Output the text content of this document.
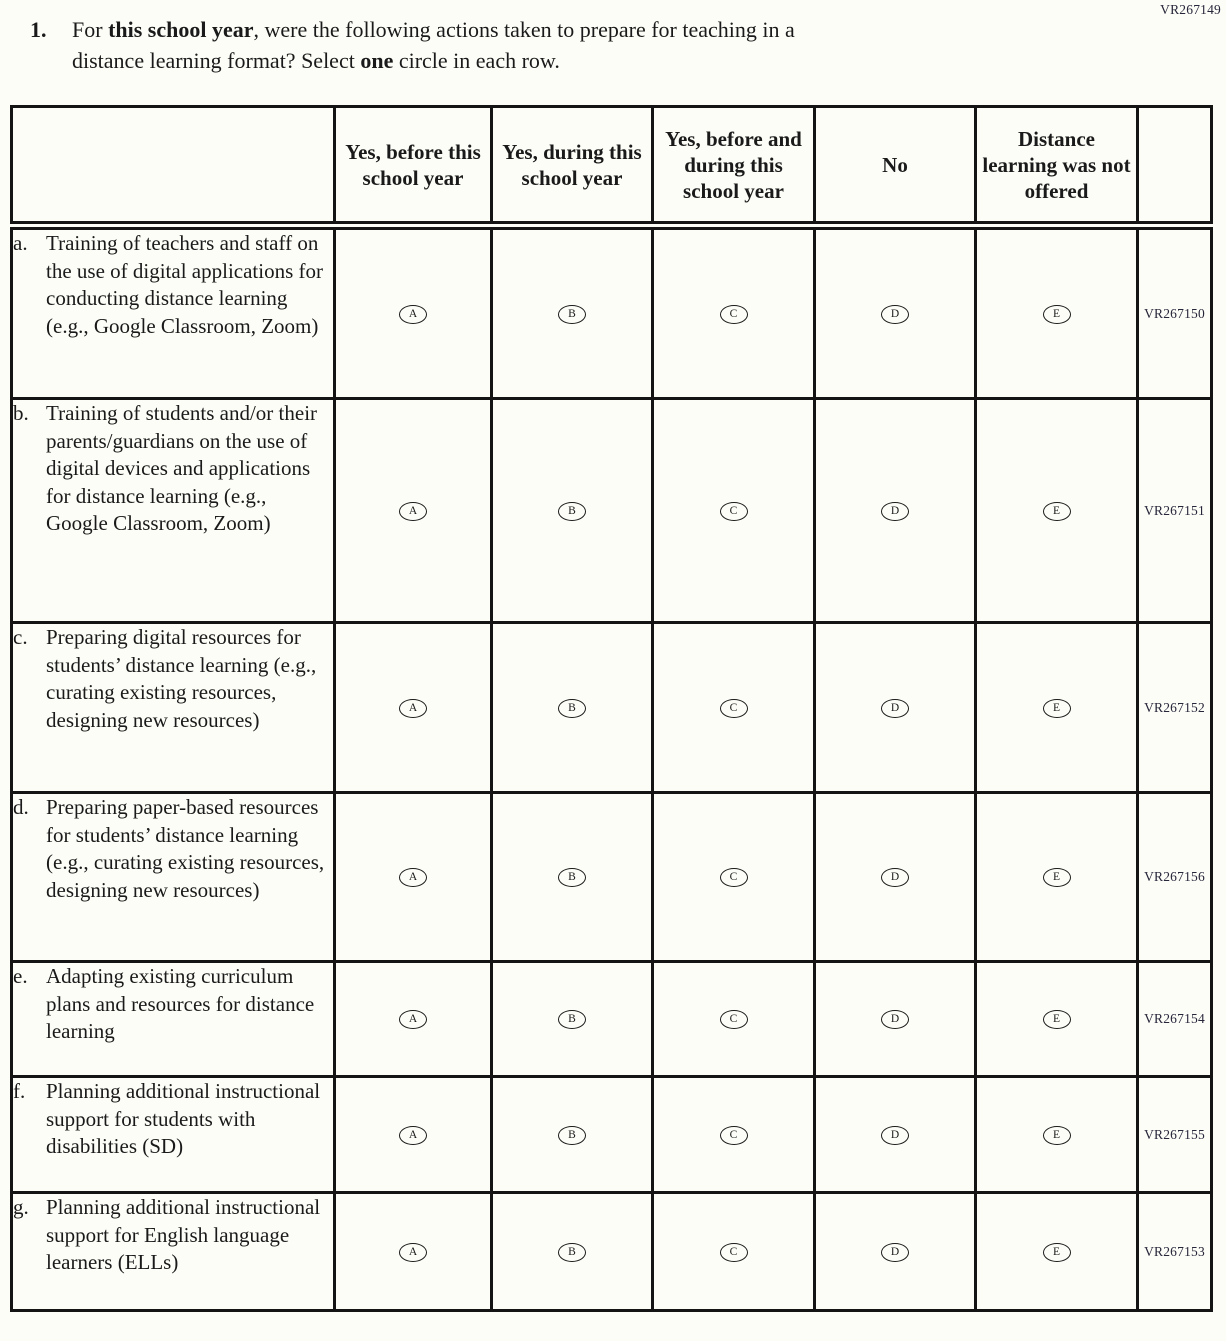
VR267149
1.	For this school year, were the following actions taken to prepare for teaching in a
distance learning format? Select one circle in each row.
	Yes, before this school year	Yes, during this school year	Yes, before and during this school year	No	Distance learning was not offered	

a. Training of teachers and staff on the use of digital applications for conducting distance learning (e.g., Google Classroom, Zoom)	A	B	C	D	E	VR267150

b. Training of students and/or their parents/guardians on the use of digital devices and applications for distance learning (e.g., Google Classroom, Zoom)	A	B	C	D	E	VR267151

c. Preparing digital resources for students’ distance learning (e.g., curating existing resources, designing new resources)	A	B	C	D	E	VR267152

d. Preparing paper-based resources for students’ distance learning (e.g., curating existing resources, designing new resources)	A	B	C	D	E	VR267156

e. Adapting existing curriculum plans and resources for distance learning	A	B	C	D	E	VR267154

f. Planning additional instructional support for students with disabilities (SD)	A	B	C	D	E	VR267155

g. Planning additional instructional support for English language learners (ELLs)	A	B	C	D	E	VR267153
